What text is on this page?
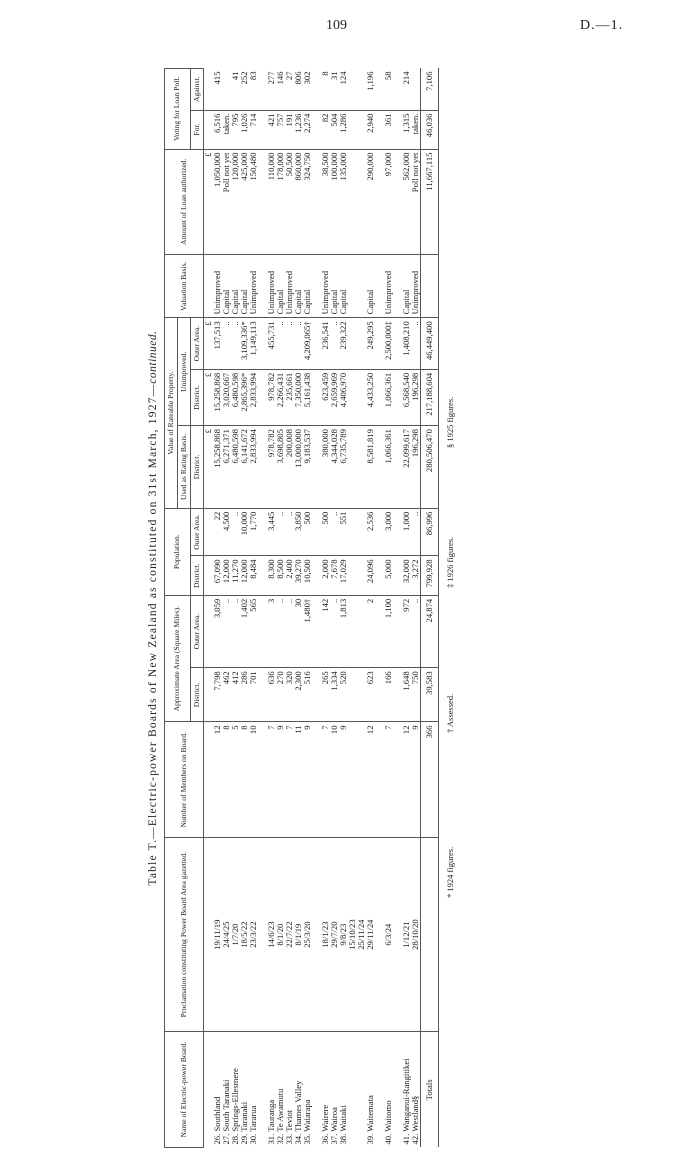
109	D.—1.
Table T.—Electric-power Boards of New Zealand as constituted on 31st March, 1927—continued.
Name of Electric-power Board.	Proclamation constituting Power Board Area gazetted.	Number of Members on Board.	Approximate Area (Square Miles).		Population.		Value of Rateable Property.			Valuation Basis.	Amount of Loan authorized.	Voting for Loan Poll.	
							Used as Rating Basis.	Unimproved.					
			District.	Outer Area.	District.	Outer Area.	District.	District.	Outer Area.			For.	Against.
							£	£	£		£		
26. Southland	19/11/19	12	7,798	3,059	67,090	22	15,258,868	15,258,868	137,513	Unimproved	1,050,000	6,516	415
27. South Taranaki	24/4/25	8	462	..	12,000	4,500	6,271,371	3,020,667	..	Capital	Poll not yet	taken.	
28. Springs-Ellesmere	1/7/20	5	412	..	11,270	..	6,480,598	6,480,598	..	Capital	120,000	795	41
29. Taranaki	18/5/22	8	286	1,402	12,000	10,000	6,141,672	2,865,396*	3,109,336*	Capital	425,000	1,026	252
30. Tararua	23/3/22	10	701	565	8,484	1,770	2,833,994	2,833,994	1,149,113	Unimproved	150,480	714	83

31. Tauranga	14/6/23	7	636	3	8,300	3,445	978,782	978,782	455,731	Unimproved	110,000	421	277
32. Te Awamutu	8/1/20	9	270	..	8,500	..	3,698,805	2,266,431	..	Capital	178,000	757	146
33. Teviot	22/7/22	7	320	..	2,400	..	200,008	235,661	..	Unimproved	50,500	191	27
34. Thames Valley	8/1/19	11	2,300	30	39,270	3,850	13,000,000	7,350,000	..	Capital	860,000	1,236	806
35. Waiarapa	25/3/20	9	516	1,480†	10,500	500	9,183,537	5,161,438	4,209,065†	Capital	324,750	2,274	302

36. Wairere	18/1/23	7	265	142	2,000	500	380,000	623,459	236,541	Unimproved	38,500	82	8
37. Wairoa	29/7/20	10	1,334	..	7,678	..	4,344,028	2,659,969	..	Capital	100,000	504	31
38. Waitaki	9/8/23	9	520	1,813	17,029	551	6,735,789	4,406,970	239,322	Capital	135,000	1,286	124
	15/10/23												
	25/11/24												
39. Waitemata	29/11/24	12	623	2	24,096	2,536	8,581,819	4,433,250	249,295	Capital	290,000	2,940	1,196

40. Waitomo	6/3/24	7	166	1,100	5,000	3,000	1,066,361	1,066,361	2,500,000‡	Unimproved	97,000	361	58

41. Wanganui-Rangitikei	1/12/21	12	1,648	972	32,000	1,000	22,099,617	6,568,540	1,408,210	Capital	562,000	1,315	214
42. Westland§	28/10/20	9	750	..	3,272	..	196,298	196,298	..	Unimproved	Poll not yet	taken.	
Totals		366	39,583	24,874	799,928	86,996	280,506,470	217,188,604	46,449,400		11,667,115	46,036	7,106
* 1924 figures.
† Assessed.
‡ 1926 figures.
§ 1925 figures.
